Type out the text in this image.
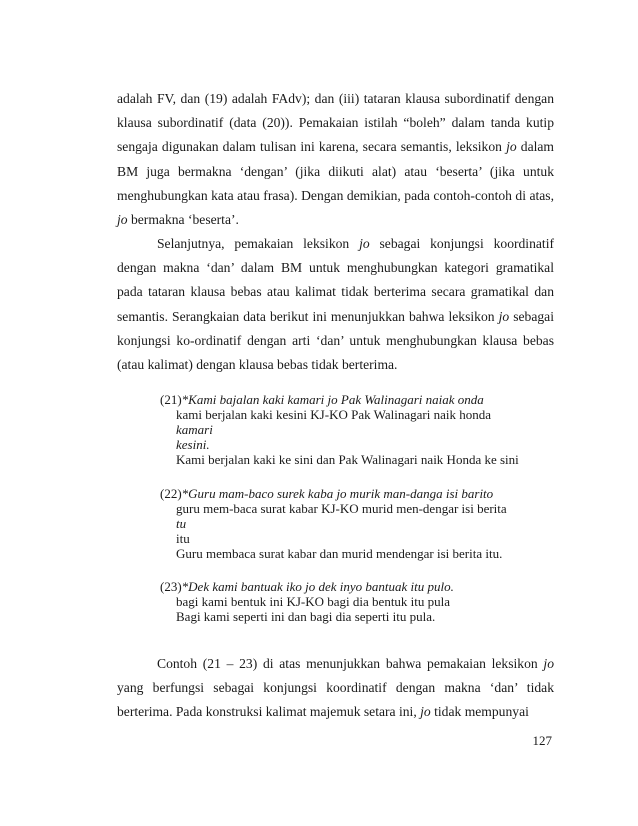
adalah FV, dan (19) adalah FAdv); dan (iii) tataran klausa subordinatif dengan klausa subordinatif (data (20)). Pemakaian istilah “boleh” dalam tanda kutip sengaja digunakan dalam tulisan ini karena, secara semantis, leksikon jo dalam BM juga bermakna ‘dengan’ (jika diikuti alat) atau ‘beserta’ (jika untuk menghubungkan kata atau frasa). Dengan demikian, pada contoh-contoh di atas, jo bermakna ‘beserta’.

Selanjutnya, pemakaian leksikon jo sebagai konjungsi koordinatif dengan makna ‘dan’ dalam BM untuk menghubungkan kategori gramatikal pada tataran klausa bebas atau kalimat tidak berterima secara gramatikal dan semantis. Serangkaian data berikut ini menunjukkan bahwa leksikon jo sebagai konjungsi ko-ordinatif dengan arti ‘dan’ untuk menghubungkan klausa bebas (atau kalimat) dengan klausa bebas tidak berterima.

(21)*Kami bajalan kaki kamari jo Pak Walinagari naiak onda
kami berjalan kaki kesini KJ-KO Pak Walinagari naik honda
kamari
kesini.
Kami berjalan kaki ke sini dan Pak Walinagari naik Honda ke sini
(22)*Guru mam-baco surek kaba jo murik man-danga isi barito
guru mem-baca surat kabar KJ-KO murid men-dengar isi berita
tu
itu
Guru membaca surat kabar dan murid mendengar isi berita itu.
(23)*Dek kami bantuak iko jo dek inyo bantuak itu pulo.
bagi kami bentuk ini KJ-KO bagi dia bentuk itu pula
Bagi kami seperti ini dan bagi dia seperti itu pula.

Contoh (21 – 23) di atas menunjukkan bahwa pemakaian leksikon jo yang berfungsi sebagai konjungsi koordinatif dengan makna ‘dan’ tidak berterima. Pada konstruksi kalimat majemuk setara ini, jo tidak mempunyai

127
